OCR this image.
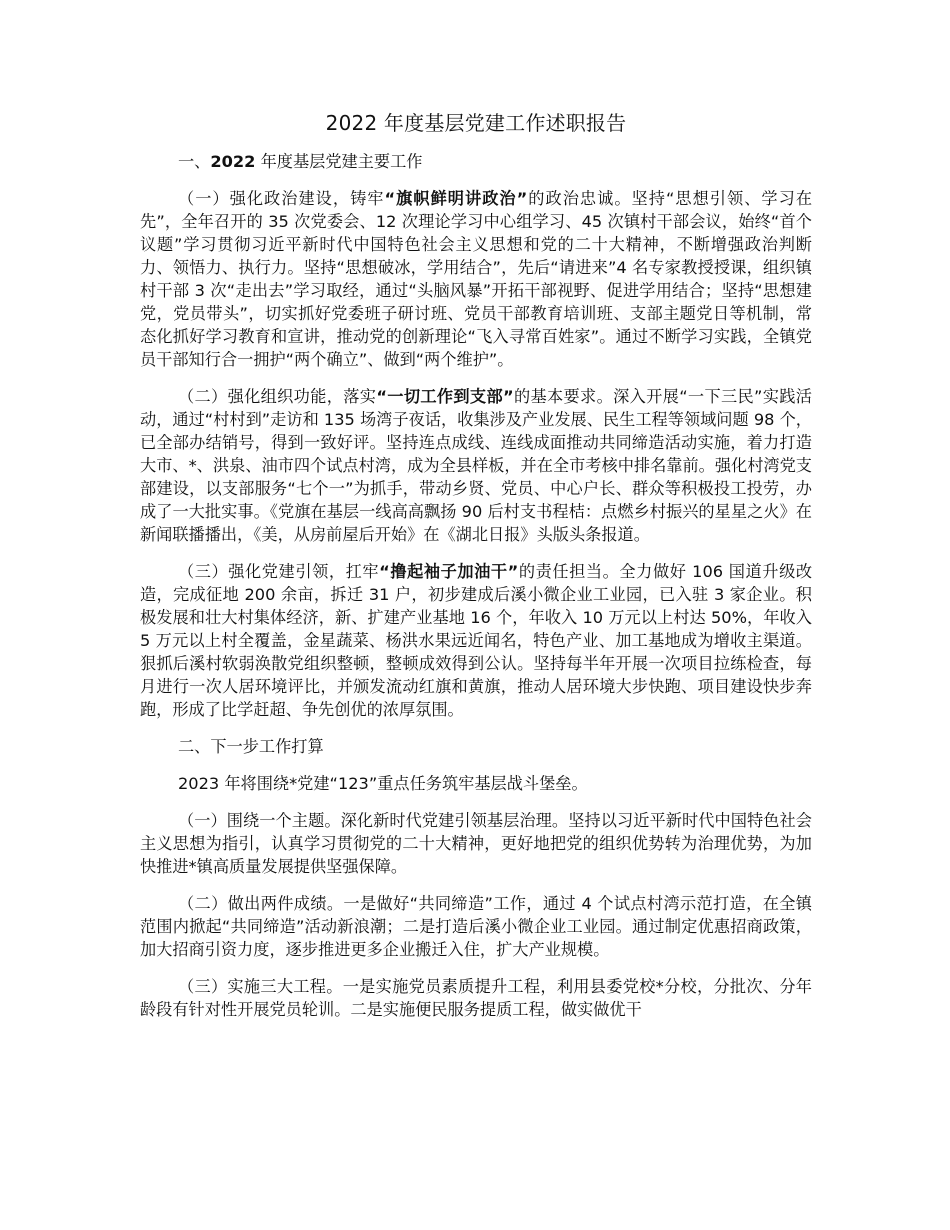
2022 年度基层党建工作述职报告

一、2022 年度基层党建主要工作

（一）强化政治建设，铸牢“旗帜鲜明讲政治”的政治忠诚。坚持“思想引领、学习在先”，全年召开的 35 次党委会、12 次理论学习中心组学习、45 次镇村干部会议，始终“首个议题”学习贯彻习近平新时代中国特色社会主义思想和党的二十大精神，不断增强政治判断力、领悟力、执行力。坚持“思想破冰，学用结合”，先后“请进来”4 名专家教授授课，组织镇村干部 3 次“走出去”学习取经，通过“头脑风暴”开拓干部视野、促进学用结合；坚持“思想建党，党员带头”，切实抓好党委班子研讨班、党员干部教育培训班、支部主题党日等机制，常态化抓好学习教育和宣讲，推动党的创新理论“飞入寻常百姓家”。通过不断学习实践，全镇党员干部知行合一拥护“两个确立”、做到“两个维护”。

（二）强化组织功能，落实“一切工作到支部”的基本要求。深入开展“一下三民”实践活动，通过“村村到”走访和 135 场湾子夜话，收集涉及产业发展、民生工程等领域问题 98 个，已全部办结销号，得到一致好评。坚持连点成线、连线成面推动共同缔造活动实施，着力打造大市、*、洪泉、油市四个试点村湾，成为全县样板，并在全市考核中排名靠前。强化村湾党支部建设，以支部服务“七个一”为抓手，带动乡贤、党员、中心户长、群众等积极投工投劳，办成了一大批实事。《党旗在基层一线高高飘扬 90 后村支书程桔：点燃乡村振兴的星星之火》在新闻联播播出，《美，从房前屋后开始》在《湖北日报》头版头条报道。

（三）强化党建引领，扛牢“撸起袖子加油干”的责任担当。全力做好 106 国道升级改造，完成征地 200 余亩，拆迁 31 户，初步建成后溪小微企业工业园，已入驻 3 家企业。积极发展和壮大村集体经济，新、扩建产业基地 16 个，年收入 10 万元以上村达 50%，年收入 5 万元以上村全覆盖，金星蔬菜、杨洪水果远近闻名，特色产业、加工基地成为增收主渠道。狠抓后溪村软弱涣散党组织整顿，整顿成效得到公认。坚持每半年开展一次项目拉练检查，每月进行一次人居环境评比，并颁发流动红旗和黄旗，推动人居环境大步快跑、项目建设快步奔跑，形成了比学赶超、争先创优的浓厚氛围。

二、下一步工作打算

2023 年将围绕*党建“123”重点任务筑牢基层战斗堡垒。

（一）围绕一个主题。深化新时代党建引领基层治理。坚持以习近平新时代中国特色社会主义思想为指引，认真学习贯彻党的二十大精神，更好地把党的组织优势转为治理优势，为加快推进*镇高质量发展提供坚强保障。

（二）做出两件成绩。一是做好“共同缔造”工作，通过 4 个试点村湾示范打造，在全镇范围内掀起“共同缔造”活动新浪潮；二是打造后溪小微企业工业园。通过制定优惠招商政策，加大招商引资力度，逐步推进更多企业搬迁入住，扩大产业规模。

（三）实施三大工程。一是实施党员素质提升工程，利用县委党校*分校，分批次、分年龄段有针对性开展党员轮训。二是实施便民服务提质工程，做实做优干
